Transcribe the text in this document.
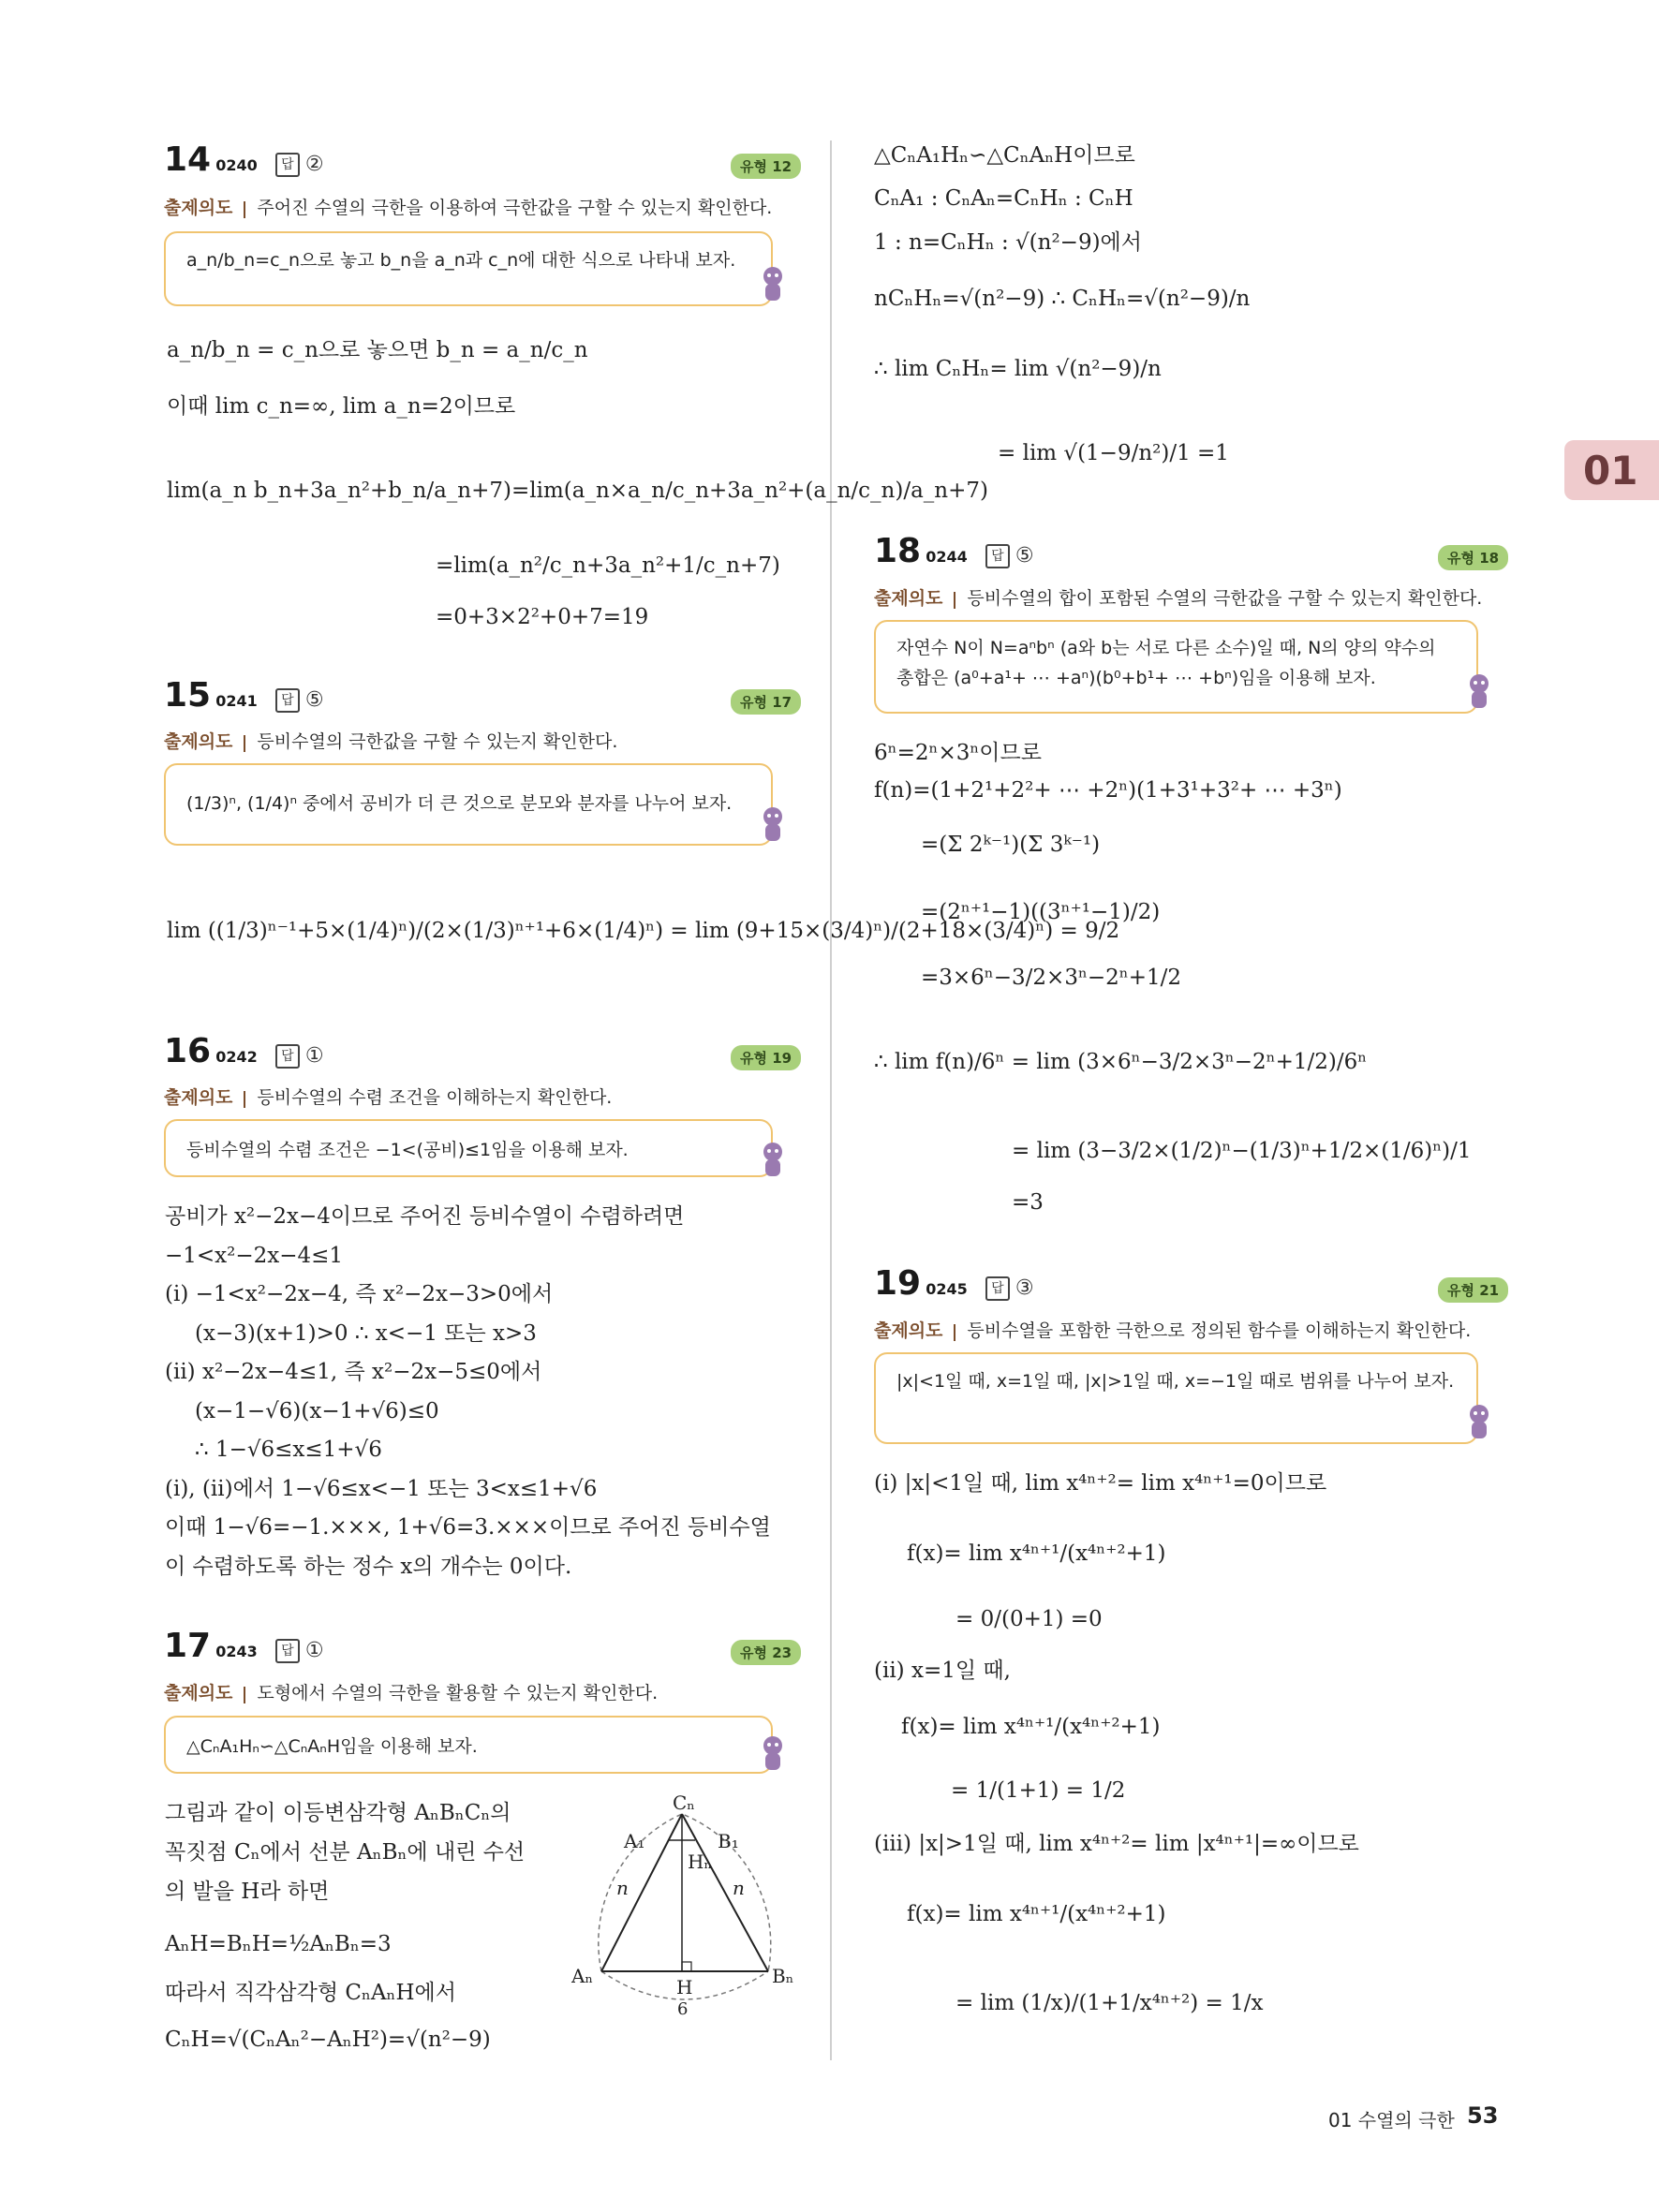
01
14 0240 답 ②	유형 12
출제의도 주어진 수열의 극한을 이용하여 극한값을 구할 수 있는지 확인한다.
a_n/b_n=c_n으로 놓고 b_n을 a_n과 c_n에 대한 식으로 나타내 보자.
a_n/b_n = c_n으로 놓으면 b_n = a_n/c_n
이때 lim c_n=∞, lim a_n=2이므로
lim(a_n b_n+3a_n²+b_n/a_n+7)=lim(a_n×a_n/c_n+3a_n²+(a_n/c_n)/a_n+7)
=lim(a_n²/c_n+3a_n²+1/c_n+7)
=0+3×2²+0+7=19
15 0241 답 ⑤	유형 17
출제의도 등비수열의 극한값을 구할 수 있는지 확인한다.
(1/3)ⁿ, (1/4)ⁿ 중에서 공비가 더 큰 것으로 분모와 분자를 나누어 보자.
lim ((1/3)ⁿ⁻¹+5×(1/4)ⁿ)/(2×(1/3)ⁿ⁺¹+6×(1/4)ⁿ) = lim (9+15×(3/4)ⁿ)/(2+18×(3/4)ⁿ) = 9/2
16 0242 답 ①	유형 19
출제의도 등비수열의 수렴 조건을 이해하는지 확인한다.
등비수열의 수렴 조건은 −1<(공비)≤1임을 이용해 보자.
공비가 x²−2x−4이므로 주어진 등비수열이 수렴하려면
−1<x²−2x−4≤1
(i) −1<x²−2x−4, 즉 x²−2x−3>0에서
(x−3)(x+1)>0 ∴ x<−1 또는 x>3
(ii) x²−2x−4≤1, 즉 x²−2x−5≤0에서
(x−1−√6)(x−1+√6)≤0
∴ 1−√6≤x≤1+√6
(i), (ii)에서 1−√6≤x<−1 또는 3<x≤1+√6
이때 1−√6=−1.×××, 1+√6=3.×××이므로 주어진 등비수열
이 수렴하도록 하는 정수 x의 개수는 0이다.
17 0243 답 ①	유형 23
출제의도 도형에서 수열의 극한을 활용할 수 있는지 확인한다.
△CₙA₁Hₙ∽△CₙAₙH임을 이용해 보자.
그림과 같이 이등변삼각형 AₙBₙCₙ의
꼭짓점 Cₙ에서 선분 AₙBₙ에 내린 수선
의 발을 H라 하면
AₙH=BₙH=½AₙBₙ=3
따라서 직각삼각형 CₙAₙH에서
CₙH=√(CₙAₙ²−AₙH²)=√(n²−9)
Cₙ
Aₙ	Bₙ
H
A₁	B₁
Hₙ
n	n
6
△CₙA₁Hₙ∽△CₙAₙH이므로
CₙA₁ : CₙAₙ=CₙHₙ : CₙH
1 : n=CₙHₙ : √(n²−9)에서
nCₙHₙ=√(n²−9) ∴ CₙHₙ=√(n²−9)/n
∴ lim CₙHₙ= lim √(n²−9)/n
= lim √(1−9/n²)/1 =1
18 0244 답 ⑤	유형 18
출제의도 등비수열의 합이 포함된 수열의 극한값을 구할 수 있는지 확인한다.
자연수 N이 N=aⁿbⁿ (a와 b는 서로 다른 소수)일 때, N의 양의 약수의 총합은 (a⁰+a¹+ ⋯ +aⁿ)(b⁰+b¹+ ⋯ +bⁿ)임을 이용해 보자.
6ⁿ=2ⁿ×3ⁿ이므로
f(n)=(1+2¹+2²+ ⋯ +2ⁿ)(1+3¹+3²+ ⋯ +3ⁿ)
=(Σ 2ᵏ⁻¹)(Σ 3ᵏ⁻¹)
=(2ⁿ⁺¹−1)((3ⁿ⁺¹−1)/2)
=3×6ⁿ−3/2×3ⁿ−2ⁿ+1/2
∴ lim f(n)/6ⁿ = lim (3×6ⁿ−3/2×3ⁿ−2ⁿ+1/2)/6ⁿ
= lim (3−3/2×(1/2)ⁿ−(1/3)ⁿ+1/2×(1/6)ⁿ)/1
=3
19 0245 답 ③	유형 21
출제의도 등비수열을 포함한 극한으로 정의된 함수를 이해하는지 확인한다.
|x|<1일 때, x=1일 때, |x|>1일 때, x=−1일 때로 범위를 나누어 보자.
(i) |x|<1일 때, lim x⁴ⁿ⁺²= lim x⁴ⁿ⁺¹=0이므로
f(x)= lim x⁴ⁿ⁺¹/(x⁴ⁿ⁺²+1)
= 0/(0+1) =0
(ii) x=1일 때,
f(x)= lim x⁴ⁿ⁺¹/(x⁴ⁿ⁺²+1)
= 1/(1+1) = 1/2
(iii) |x|>1일 때, lim x⁴ⁿ⁺²= lim |x⁴ⁿ⁺¹|=∞이므로
f(x)= lim x⁴ⁿ⁺¹/(x⁴ⁿ⁺²+1)
= lim (1/x)/(1+1/x⁴ⁿ⁺²) = 1/x
01 수열의 극한 53
